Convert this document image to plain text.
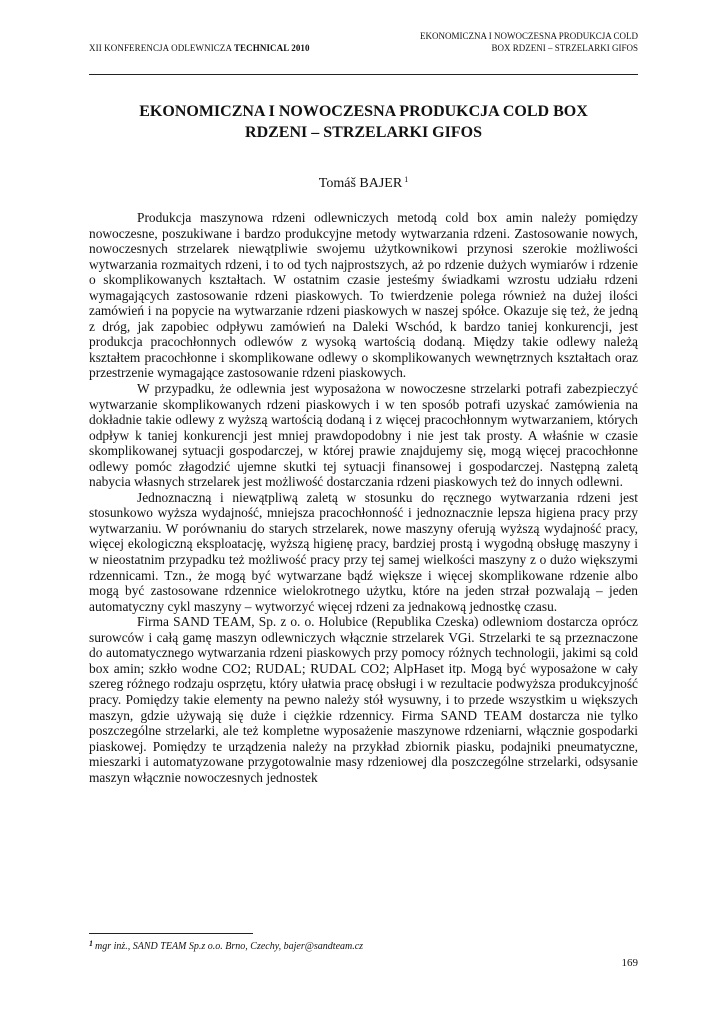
XII KONFERENCJA ODLEWNICZA TECHNICAL 2010
EKONOMICZNA I NOWOCZESNA PRODUKCJA COLD
BOX RDZENI – STRZELARKI GIFOS
EKONOMICZNA I NOWOCZESNA PRODUKCJA COLD BOX
RDZENI – STRZELARKI GIFOS
Tomáš BAJER $^1$

Produkcja maszynowa rdzeni odlewniczych metodą cold box amin należy pomiędzy nowoczesne, poszukiwane i bardzo produkcyjne metody wytwarzania rdzeni. Zastosowanie nowych, nowoczesnych strzelarek niewątpliwie swojemu użytkownikowi przynosi szerokie możliwości wytwarzania rozmaitych rdzeni, i to od tych najprostszych, aż po rdzenie dużych wymiarów i rdzenie o skomplikowanych kształtach. W ostatnim czasie jesteśmy świadkami wzrostu udziału rdzeni wymagających zastosowanie rdzeni piaskowych. To twierdzenie polega również na dużej ilości zamówień i na popycie na wytwarzanie rdzeni piaskowych w naszej spółce. Okazuje się też, że jedną z dróg, jak zapobiec odpływu zamówień na Daleki Wschód, k bardzo taniej konkurencji, jest produkcja pracochłonnych odlewów z wysoką wartością dodaną. Między takie odlewy należą kształtem pracochłonne i skomplikowane odlewy o skomplikowanych wewnętrznych kształtach oraz przestrzenie wymagające zastosowanie rdzeni piaskowych.

W przypadku, że odlewnia jest wyposażona w nowoczesne strzelarki potrafi zabezpieczyć wytwarzanie skomplikowanych rdzeni piaskowych i w ten sposób potrafi uzyskać zamówienia na dokładnie takie odlewy z wyższą wartością dodaną i z więcej pracochłonnym wytwarzaniem, których odpływ k taniej konkurencji jest mniej prawdopodobny i nie jest tak prosty. A właśnie w czasie skomplikowanej sytuacji gospodarczej, w której prawie znajdujemy się, mogą więcej pracochłonne odlewy pomóc złagodzić ujemne skutki tej sytuacji finansowej i gospodarczej. Następną zaletą nabycia własnych strzelarek jest możliwość dostarczania rdzeni piaskowych też do innych odlewni.

Jednoznaczną i niewątpliwą zaletą w stosunku do ręcznego wytwarzania rdzeni jest stosunkowo wyższa wydajność, mniejsza pracochłonność i jednoznacznie lepsza higiena pracy przy wytwarzaniu. W porównaniu do starych strzelarek, nowe maszyny oferują wyższą wydajność pracy, więcej ekologiczną eksploatację, wyższą higienę pracy, bardziej prostą i wygodną obsługę maszyny i w nieostatnim przypadku też możliwość pracy przy tej samej wielkości maszyny z o dużo większymi rdzennicami. Tzn., że mogą być wytwarzane bądź większe i więcej skomplikowane rdzenie albo mogą być zastosowane rdzennice wielokrotnego użytku, które na jeden strzał pozwalają – jeden automatyczny cykl maszyny – wytworzyć więcej rdzeni za jednakową jednostkę czasu.

Firma SAND TEAM, Sp. z o. o. Holubice (Republika Czeska) odlewniom dostarcza oprócz surowców i całą gamę maszyn odlewniczych włącznie strzelarek VGi. Strzelarki te są przeznaczone do automatycznego wytwarzania rdzeni piaskowych przy pomocy różnych technologii, jakimi są cold box amin; szkło wodne CO2; RUDAL; RUDAL CO2; AlpHaset itp. Mogą być wyposażone w cały szereg różnego rodzaju osprzętu, który ułatwia pracę obsługi i w rezultacie podwyższa produkcyjność pracy. Pomiędzy takie elementy na pewno należy stół wysuwny, i to przede wszystkim u większych maszyn, gdzie używają się duże i ciężkie rdzennicy. Firma SAND TEAM dostarcza nie tylko poszczególne strzelarki, ale też kompletne wyposażenie maszynowe rdzeniarni, włącznie gospodarki piaskowej. Pomiędzy te urządzenia należy na przykład zbiornik piasku, podajniki pneumatyczne, mieszarki i automatyzowane przygotowalnie masy rdzeniowej dla poszczególne strzelarki, odsysanie maszyn włącznie nowoczesnych jednostek

$^1$ mgr inż., SAND TEAM Sp.z o.o. Brno, Czechy, bajer@sandteam.cz
169
